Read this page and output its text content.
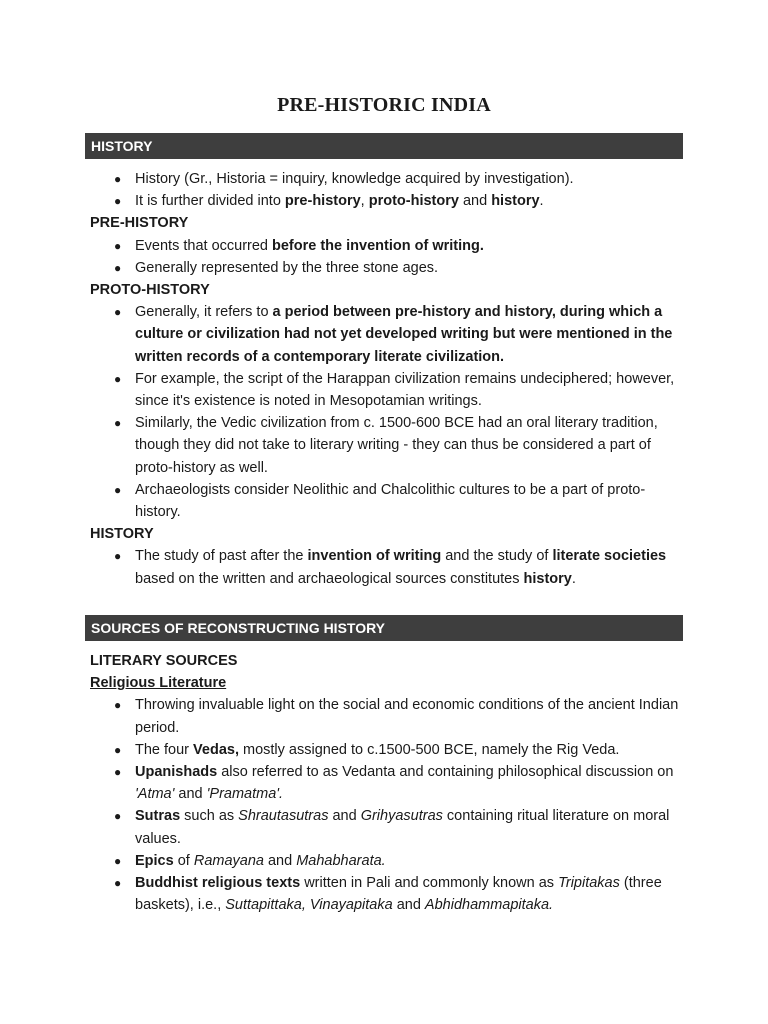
PRE-HISTORIC INDIA
HISTORY
● History (Gr., Historia = inquiry, knowledge acquired by investigation).
● It is further divided into pre-history, proto-history and history.

PRE-HISTORY

● Events that occurred before the invention of writing.
● Generally represented by the three stone ages.

PROTO-HISTORY

● Generally, it refers to a period between pre-history and history, during which a culture or civilization had not yet developed writing but were mentioned in the written records of a contemporary literate civilization.
● For example, the script of the Harappan civilization remains undeciphered; however, since it's existence is noted in Mesopotamian writings.
● Similarly, the Vedic civilization from c. 1500-600 BCE had an oral literary tradition, though they did not take to literary writing - they can thus be considered a part of proto-history as well.
● Archaeologists consider Neolithic and Chalcolithic cultures to be a part of proto-history.

HISTORY

● The study of past after the invention of writing and the study of literate societies based on the written and archaeological sources constitutes history.
SOURCES OF RECONSTRUCTING HISTORY

LITERARY SOURCES

Religious Literature

● Throwing invaluable light on the social and economic conditions of the ancient Indian period.
● The four Vedas, mostly assigned to c.1500-500 BCE, namely the Rig Veda.
● Upanishads also referred to as Vedanta and containing philosophical discussion on 'Atma' and 'Pramatma'.
● Sutras such as Shrautasutras and Grihyasutras containing ritual literature on moral values.
● Epics of Ramayana and Mahabharata.
● Buddhist religious texts written in Pali and commonly known as Tripitakas (three baskets), i.e., Suttapittaka, Vinayapitaka and Abhidhammapitaka.
